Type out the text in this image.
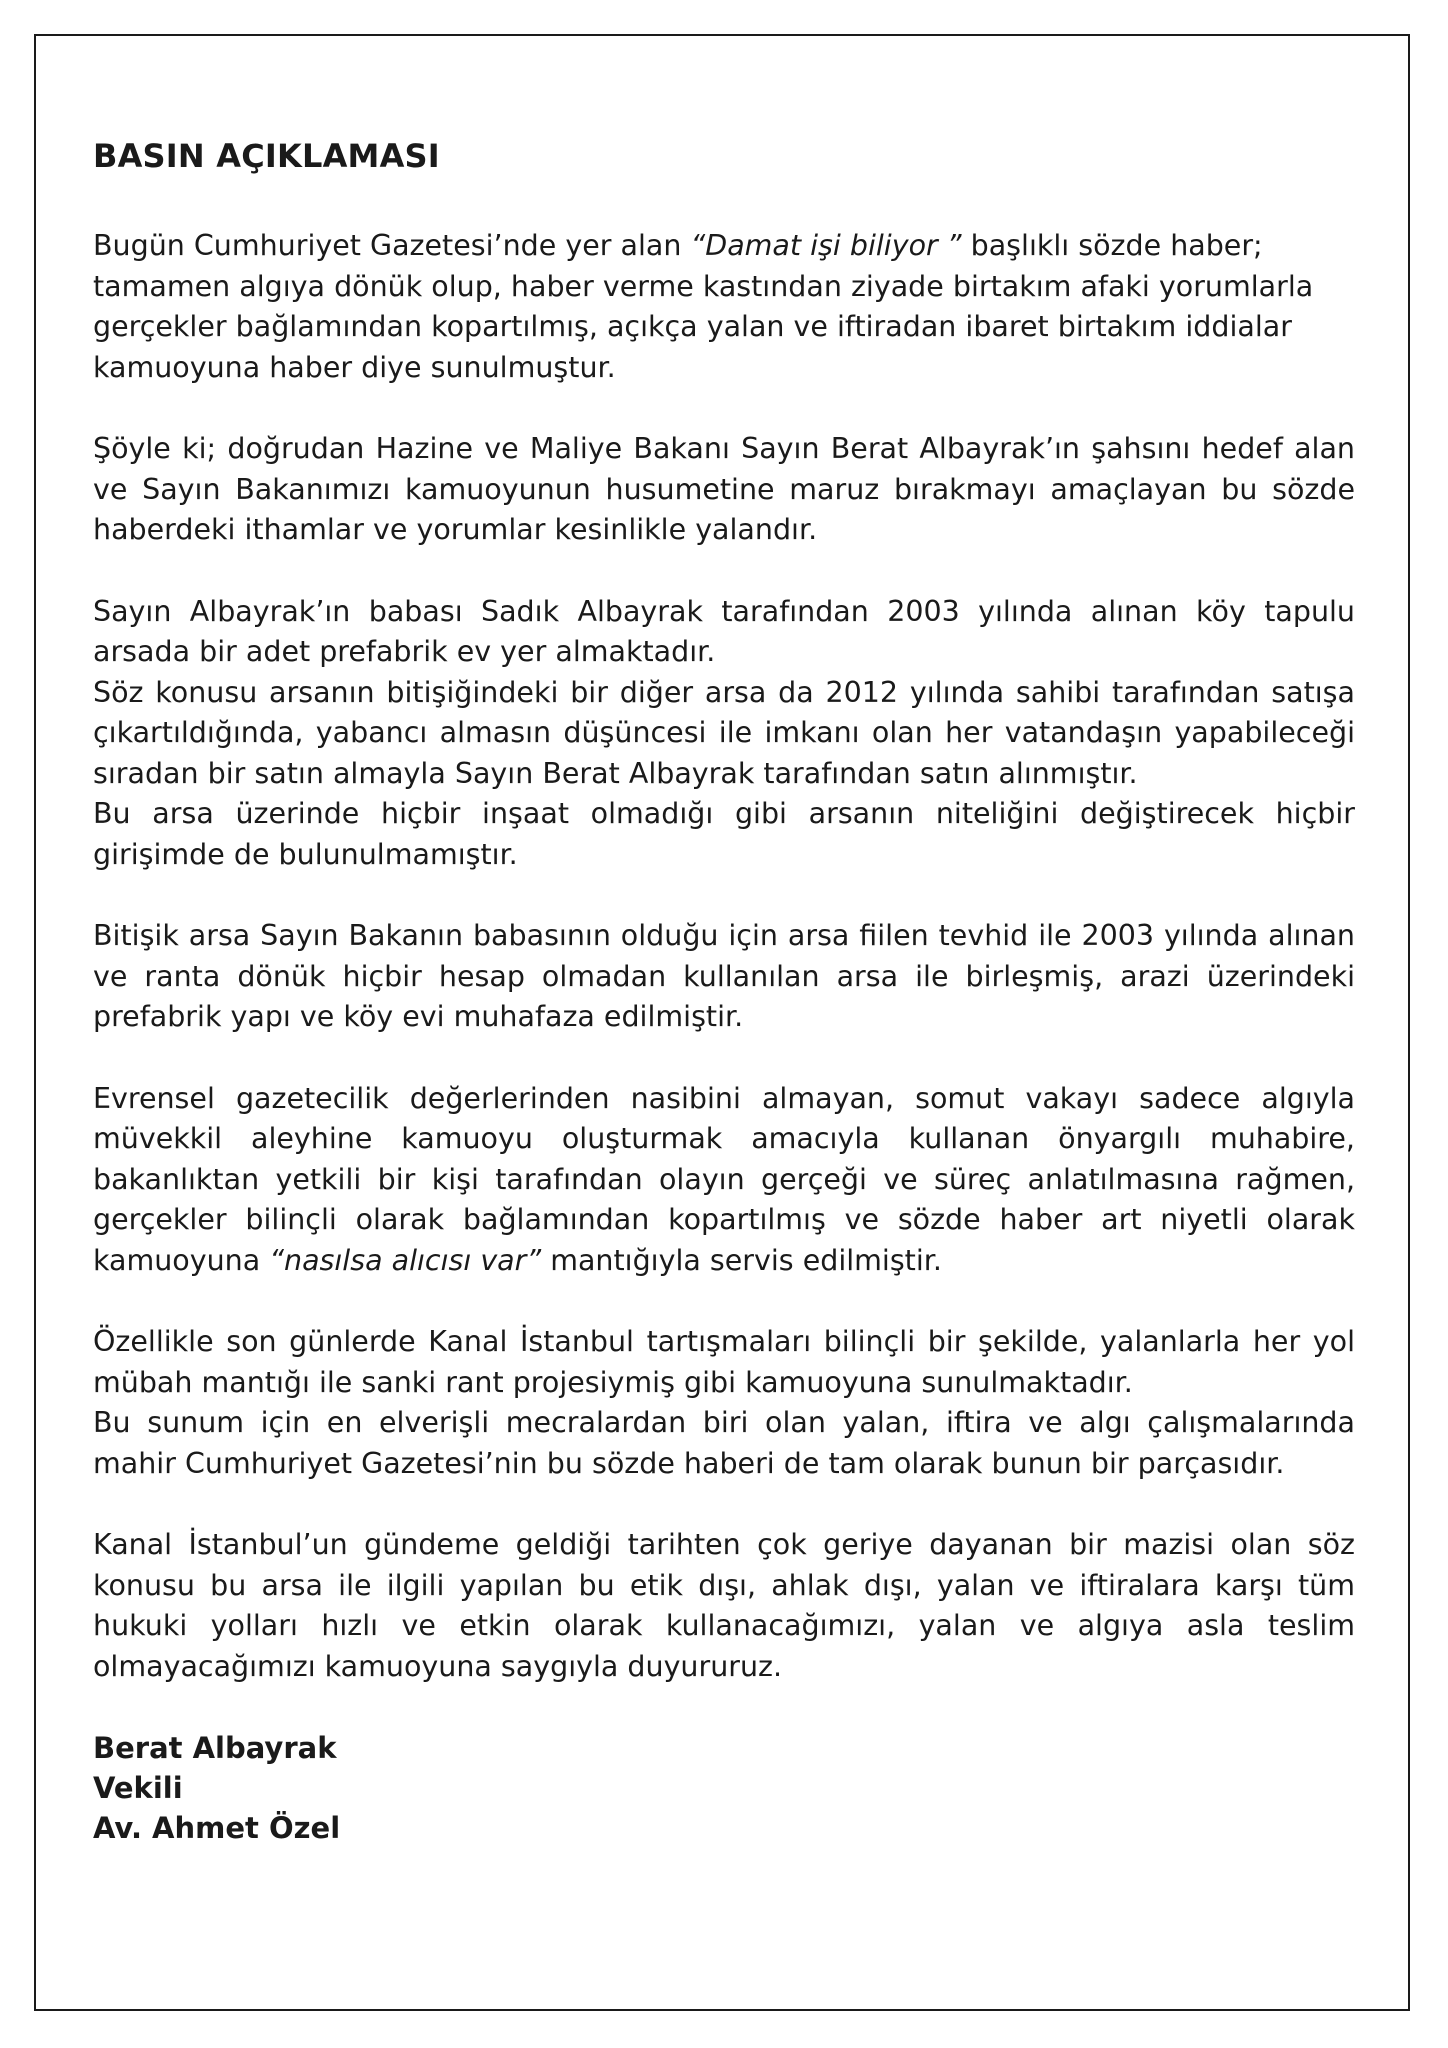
BASIN AÇIKLAMASI

Bugün Cumhuriyet Gazetesi’nde yer alan “Damat işi biliyor ” başlıklı sözde haber; tamamen algıya dönük olup, haber verme kastından ziyade birtakım afaki yorumlarla gerçekler bağlamından kopartılmış, açıkça yalan ve iftiradan ibaret birtakım iddialar kamuoyuna haber diye sunulmuştur.

Şöyle ki; doğrudan Hazine ve Maliye Bakanı Sayın Berat Albayrak’ın şahsını hedef alan ve Sayın Bakanımızı kamuoyunun husumetine maruz bırakmayı amaçlayan bu sözde haberdeki ithamlar ve yorumlar kesinlikle yalandır.

Sayın Albayrak’ın babası Sadık Albayrak tarafından 2003 yılında alınan köy tapulu arsada bir adet prefabrik ev yer almaktadır.

Söz konusu arsanın bitişiğindeki bir diğer arsa da 2012 yılında sahibi tarafından satışa çıkartıldığında, yabancı almasın düşüncesi ile imkanı olan her vatandaşın yapabileceği sıradan bir satın almayla Sayın Berat Albayrak tarafından satın alınmıştır.

Bu arsa üzerinde hiçbir inşaat olmadığı gibi arsanın niteliğini değiştirecek hiçbir girişimde de bulunulmamıştır.

Bitişik arsa Sayın Bakanın babasının olduğu için arsa fiilen tevhid ile 2003 yılında alınan ve ranta dönük hiçbir hesap olmadan kullanılan arsa ile birleşmiş, arazi üzerindeki prefabrik yapı ve köy evi muhafaza edilmiştir.

Evrensel gazetecilik değerlerinden nasibini almayan, somut vakayı sadece algıyla müvekkil aleyhine kamuoyu oluşturmak amacıyla kullanan önyargılı muhabire, bakanlıktan yetkili bir kişi tarafından olayın gerçeği ve süreç anlatılmasına rağmen, gerçekler bilinçli olarak bağlamından kopartılmış ve sözde haber art niyetli olarak kamuoyuna “nasılsa alıcısı var” mantığıyla servis edilmiştir.

Özellikle son günlerde Kanal İstanbul tartışmaları bilinçli bir şekilde, yalanlarla her yol mübah mantığı ile sanki rant projesiymiş gibi kamuoyuna sunulmaktadır.

Bu sunum için en elverişli mecralardan biri olan yalan, iftira ve algı çalışmalarında mahir Cumhuriyet Gazetesi’nin bu sözde haberi de tam olarak bunun bir parçasıdır.

Kanal İstanbul’un gündeme geldiği tarihten çok geriye dayanan bir mazisi olan söz konusu bu arsa ile ilgili yapılan bu etik dışı, ahlak dışı, yalan ve iftiralara karşı tüm hukuki yolları hızlı ve etkin olarak kullanacağımızı, yalan ve algıya asla teslim olmayacağımızı kamuoyuna saygıyla duyururuz.

Berat Albayrak
Vekili
Av. Ahmet Özel
